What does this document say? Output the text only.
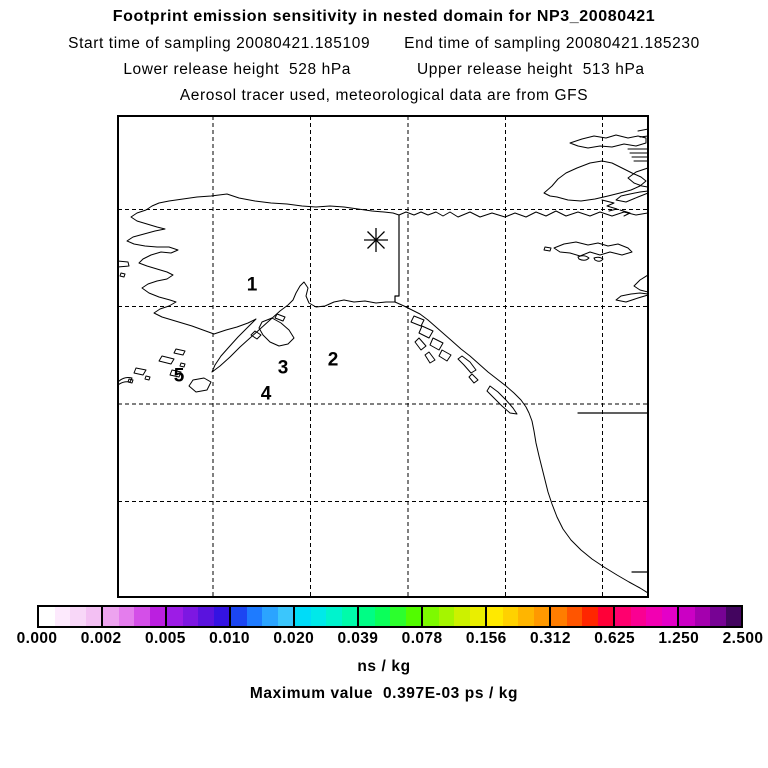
Footprint emission sensitivity in nested domain for NP3_20080421
Start time of sampling 20080421.185109 End time of sampling 20080421.185230
Lower release height  528 hPa	Upper release height  513 hPa
Aerosol tracer used, meteorological data are from GFS
1
2
3
4
5
0.000 0.002 0.005 0.010 0.020 0.039 0.078 0.156 0.312 0.625 1.250 2.500
ns / kg
Maximum value  0.397E-03 ps / kg
